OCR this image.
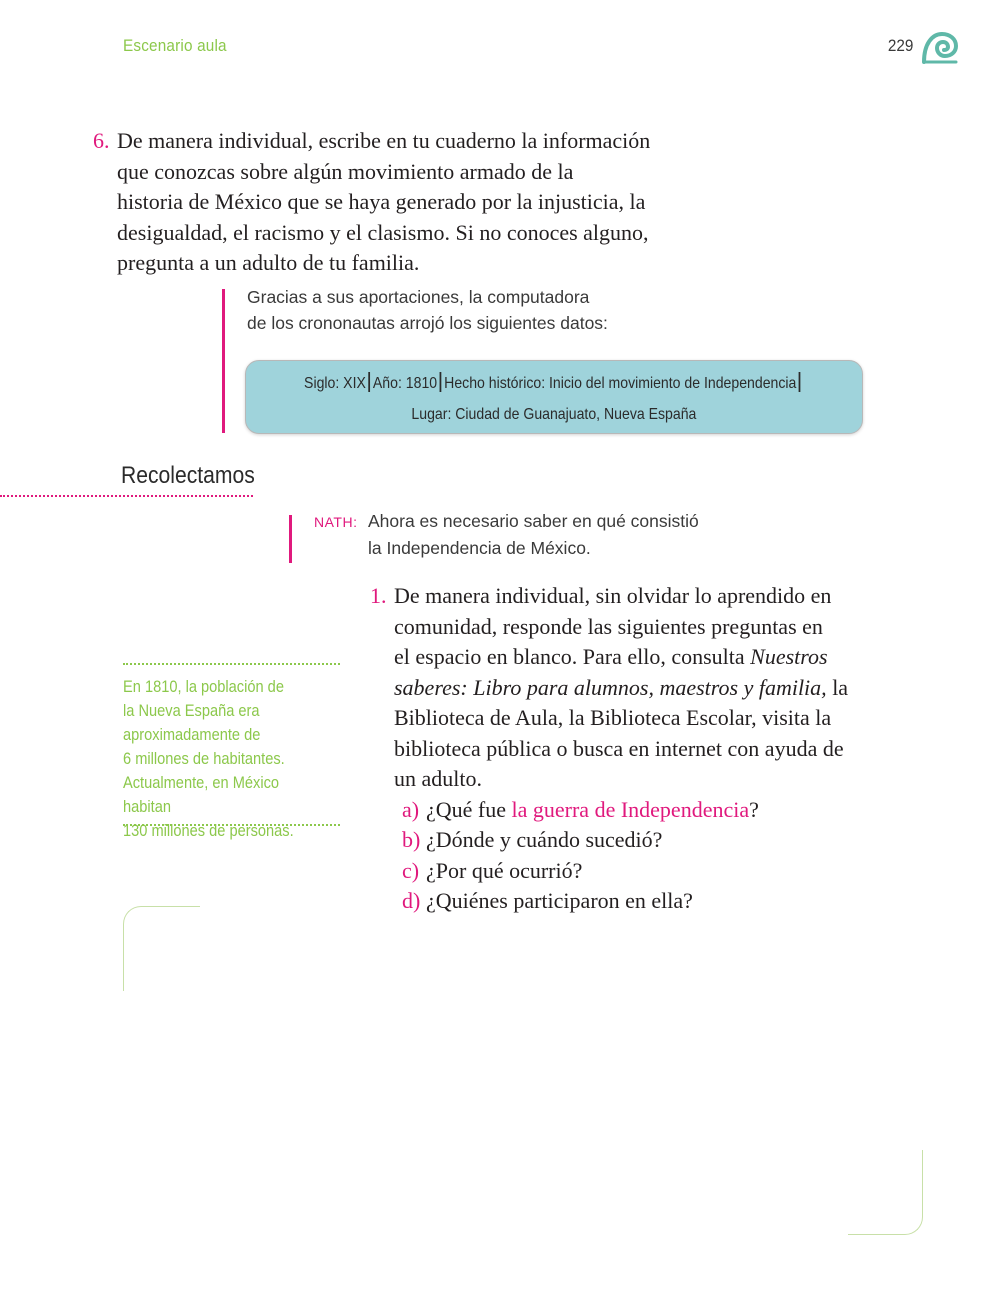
Escenario aula	229
6. De manera individual, escribe en tu cuaderno la información
que conozcas sobre algún movimiento armado de la
historia de México que se haya generado por la injusticia, la
desigualdad, el racismo y el clasismo. Si no conoces alguno,
pregunta a un adulto de tu familia.
Gracias a sus aportaciones, la computadora
de los crononautas arrojó los siguientes datos:
Siglo: XIX Año: 1810 Hecho histórico: Inicio del movimiento de Independencia
Lugar: Ciudad de Guanajuato, Nueva España
Recolectamos
NATH: Ahora es necesario saber en qué consistió
la Independencia de México.
En 1810, la población de
la Nueva España era
aproximadamente de
6 millones de habitantes.
Actualmente, en México habitan
130 millones de personas.
1. De manera individual, sin olvidar lo aprendido en
comunidad, responde las siguientes preguntas en
el espacio en blanco. Para ello, consulta Nuestros
saberes: Libro para alumnos, maestros y familia, la
Biblioteca de Aula, la Biblioteca Escolar, visita la
biblioteca pública o busca en internet con ayuda de
un adulto.
a) ¿Qué fue la guerra de Independencia?
b) ¿Dónde y cuándo sucedió?
c) ¿Por qué ocurrió?
d) ¿Quiénes participaron en ella?
